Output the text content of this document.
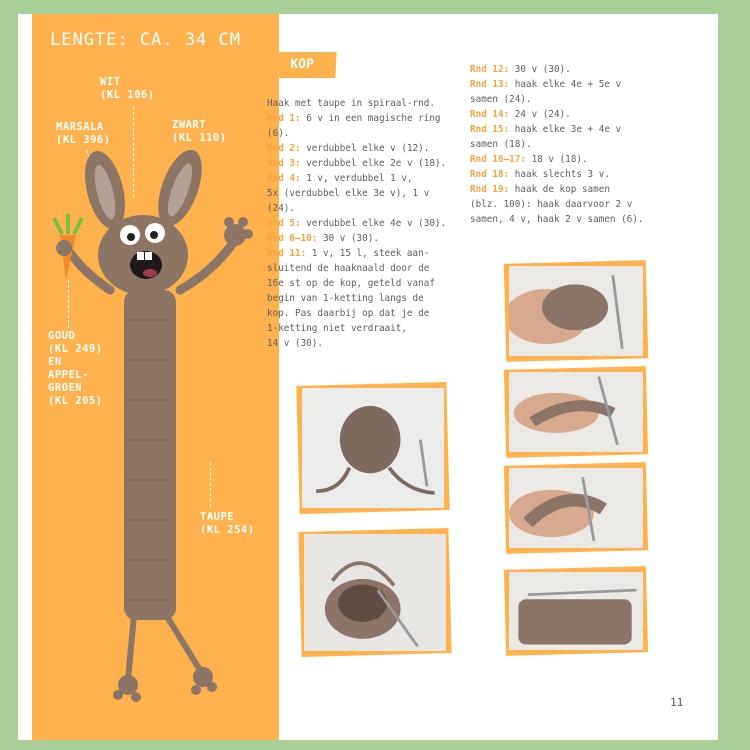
LENGTE: CA. 34 CM
WIT
(KL 106)
MARSALA
(KL 396)
ZWART
(KL 110)
GOUD
(KL 249)
EN
APPEL-
GROEN
(KL 205)
TAUPE
(KL 254)
KOP
Haak met taupe in spiraal-rnd.
Rnd 1: 6 v in een magische ring
(6).
Rnd 2: verdubbel elke v (12).
Rnd 3: verdubbel elke 2e v (18).
Rnd 4: 1 v, verdubbel 1 v,
5x (verdubbel elke 3e v), 1 v
(24).
Rnd 5: verdubbel elke 4e v (30).
Rnd 6–10: 30 v (30).
Rnd 11: 1 v, 15 l, steek aan-
sluitend de haaknaald door de
16e st op de kop, geteld vanaf
begin van 1-ketting langs de
kop. Pas daarbij op dat je de
1-ketting niet verdraait,
14 v (30).
Rnd 12: 30 v (30).
Rnd 13: haak elke 4e + 5e v
samen (24).
Rnd 14: 24 v (24).
Rnd 15: haak elke 3e + 4e v
samen (18).
Rnd 16–17: 18 v (18).
Rnd 18: haak slechts 3 v.
Rnd 19: haak de kop samen
(blz. 100): haak daarvoor 2 v
samen, 4 v, haak 2 v samen (6).
11
